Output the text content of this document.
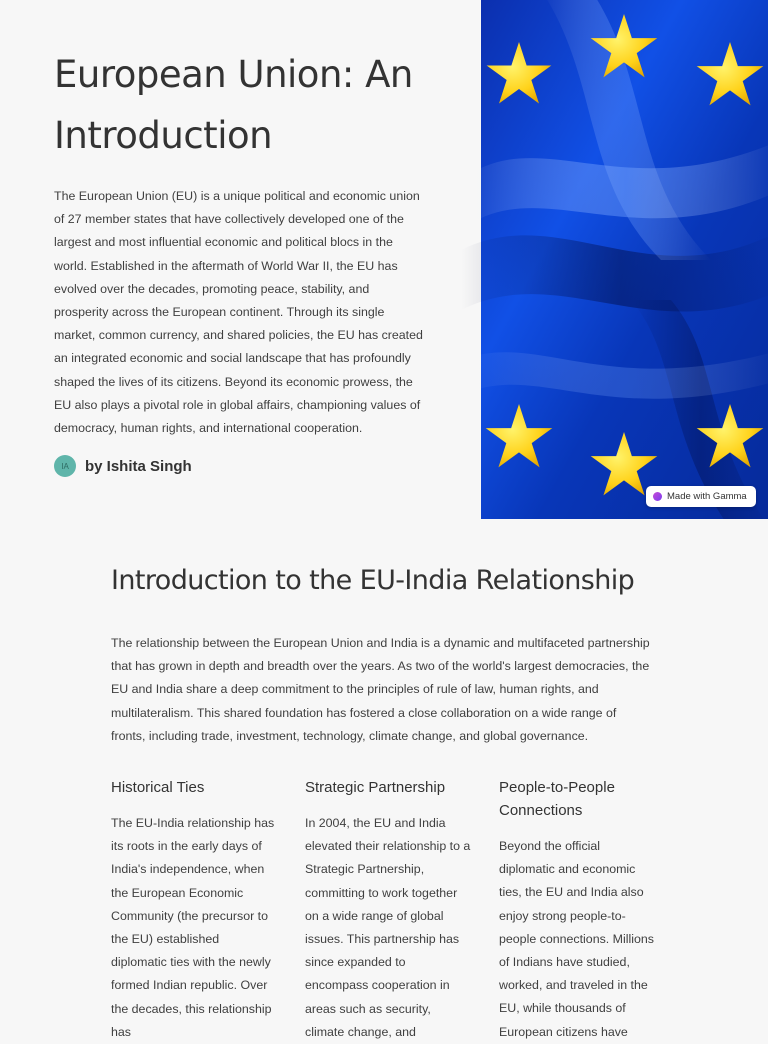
European Union: An Introduction

The European Union (EU) is a unique political and economic union of 27 member states that have collectively developed one of the largest and most influential economic and political blocs in the world. Established in the aftermath of World War II, the EU has evolved over the decades, promoting peace, stability, and prosperity across the European continent. Through its single market, common currency, and shared policies, the EU has created an integrated economic and social landscape that has profoundly shaped the lives of its citizens. Beyond its economic prowess, the EU also plays a pivotal role in global affairs, championing values of democracy, human rights, and international cooperation.

IA	by Ishita Singh
Made with Gamma
Introduction to the EU-India Relationship

The relationship between the European Union and India is a dynamic and multifaceted partnership that has grown in depth and breadth over the years. As two of the world's largest democracies, the EU and India share a deep commitment to the principles of rule of law, human rights, and multilateralism. This shared foundation has fostered a close collaboration on a wide range of fronts, including trade, investment, technology, climate change, and global governance.

Historical Ties

The EU-India relationship has its roots in the early days of India's independence, when the European Economic Community (the precursor to the EU) established diplomatic ties with the newly formed Indian republic. Over the decades, this relationship has

Strategic Partnership

In 2004, the EU and India elevated their relationship to a Strategic Partnership, committing to work together on a wide range of global issues. This partnership has since expanded to encompass cooperation in areas such as security, climate change, and

People-to-People Connections

Beyond the official diplomatic and economic ties, the EU and India also enjoy strong people-to-people connections. Millions of Indians have studied, worked, and traveled in the EU, while thousands of European citizens have
